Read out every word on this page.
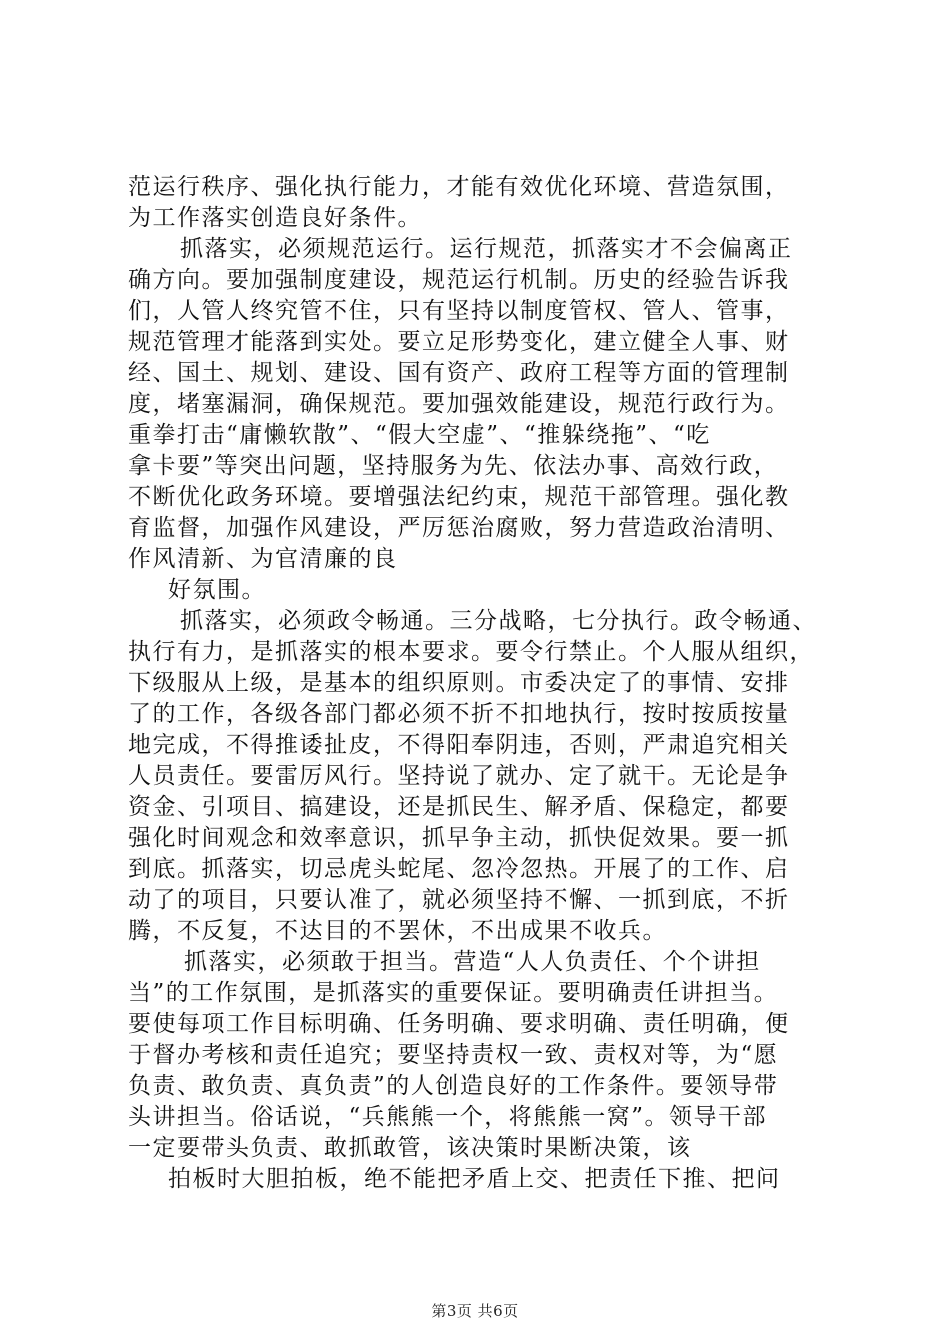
范运行秩序、强化执行能力，才能有效优化环境、营造氛围，
为工作落实创造良好条件。
抓落实，必须规范运行。运行规范，抓落实才不会偏离正
确方向。要加强制度建设，规范运行机制。历史的经验告诉我
们，人管人终究管不住，只有坚持以制度管权、管人、管事，
规范管理才能落到实处。要立足形势变化，建立健全人事、财
经、国土、规划、建设、国有资产、政府工程等方面的管理制
度，堵塞漏洞，确保规范。要加强效能建设，规范行政行为。
重拳打击“庸懒软散”、“假大空虚”、“推躲绕拖”、“吃
拿卡要”等突出问题，坚持服务为先、依法办事、高效行政，
不断优化政务环境。要增强法纪约束，规范干部管理。强化教
育监督，加强作风建设，严厉惩治腐败，努力营造政治清明、
作风清新、为官清廉的良
好氛围。
抓落实，必须政令畅通。三分战略，七分执行。政令畅通、
执行有力，是抓落实的根本要求。要令行禁止。个人服从组织，
下级服从上级，是基本的组织原则。市委决定了的事情、安排
了的工作，各级各部门都必须不折不扣地执行，按时按质按量
地完成，不得推诿扯皮，不得阳奉阴违，否则，严肃追究相关
人员责任。要雷厉风行。坚持说了就办、定了就干。无论是争
资金、引项目、搞建设，还是抓民生、解矛盾、保稳定，都要
强化时间观念和效率意识，抓早争主动，抓快促效果。要一抓
到底。抓落实，切忌虎头蛇尾、忽冷忽热。开展了的工作、启
动了的项目，只要认准了，就必须坚持不懈、一抓到底，不折
腾，不反复，不达目的不罢休，不出成果不收兵。
抓落实，必须敢于担当。营造“人人负责任、个个讲担
当”的工作氛围，是抓落实的重要保证。要明确责任讲担当。
要使每项工作目标明确、任务明确、要求明确、责任明确，便
于督办考核和责任追究；要坚持责权一致、责权对等，为“愿
负责、敢负责、真负责”的人创造良好的工作条件。要领导带
头讲担当。俗话说，“兵熊熊一个，将熊熊一窝”。领导干部
一定要带头负责、敢抓敢管，该决策时果断决策，该
拍板时大胆拍板，绝不能把矛盾上交、把责任下推、把问
第3页 共6页
